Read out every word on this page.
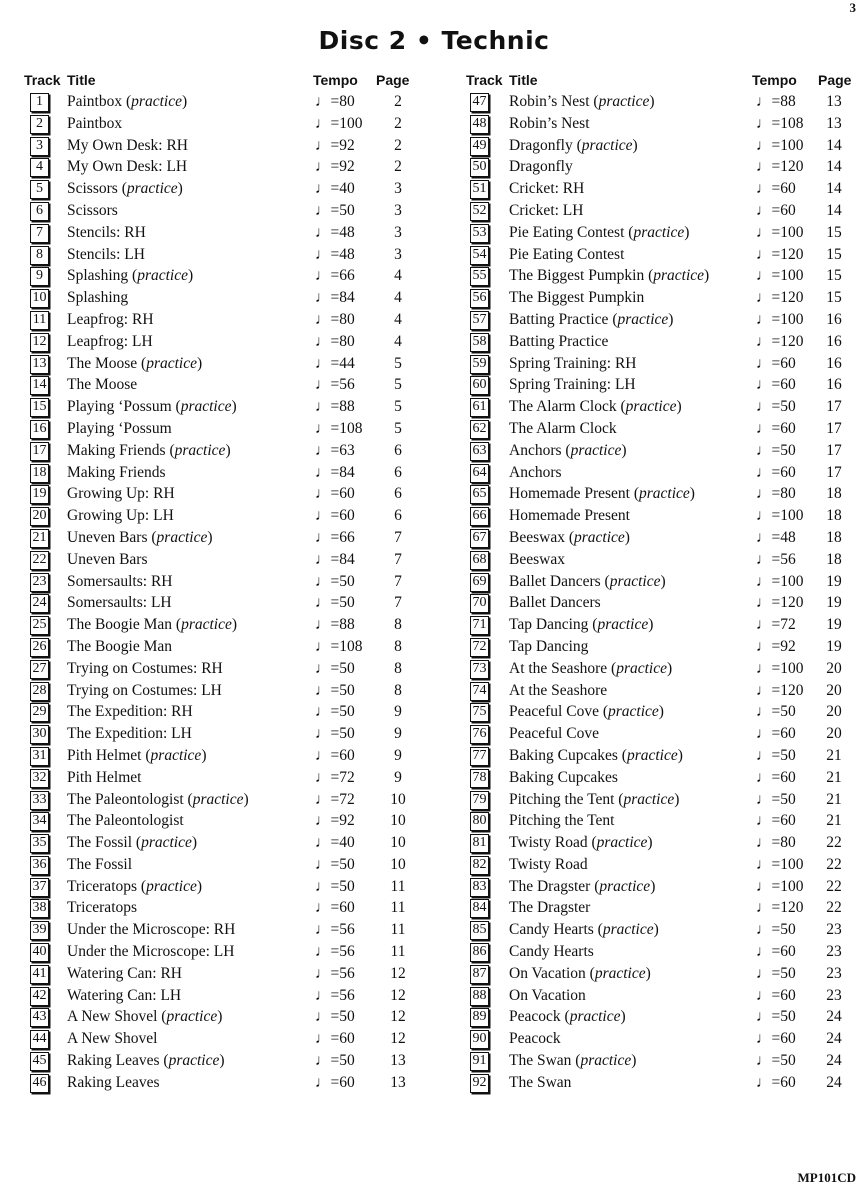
3
Disc 2 • Technic
Track Title	Tempo Page
1	Paintbox (practice)	♩=80	2
2	Paintbox	♩=100	2
3	My Own Desk: RH	♩=92	2
4	My Own Desk: LH	♩=92	2
5	Scissors (practice)	♩=40	3
6	Scissors	♩=50	3
7	Stencils: RH	♩=48	3
8	Stencils: LH	♩=48	3
9	Splashing (practice)	♩=66	4
10 Splashing	♩=84	4
11 Leapfrog: RH	♩=80	4
12 Leapfrog: LH	♩=80	4
13 The Moose (practice)	♩=44	5
14 The Moose	♩=56	5
15 Playing ‘Possum (practice)	♩=88	5
16 Playing ‘Possum	♩=108	5
17 Making Friends (practice)	♩=63	6
18 Making Friends	♩=84	6
19 Growing Up: RH	♩=60	6
20 Growing Up: LH	♩=60	6
21 Uneven Bars (practice)	♩=66	7
22 Uneven Bars	♩=84	7
23 Somersaults: RH	♩=50	7
24 Somersaults: LH	♩=50	7
25 The Boogie Man (practice)	♩=88	8
26 The Boogie Man	♩=108	8
27 Trying on Costumes: RH	♩=50	8
28 Trying on Costumes: LH	♩=50	8
29 The Expedition: RH	♩=50	9
30 The Expedition: LH	♩=50	9
31 Pith Helmet (practice)	♩=60	9
32 Pith Helmet	♩=72	9
33 The Paleontologist (practice)	♩=72	10
34 The Paleontologist	♩=92	10
35 The Fossil (practice)	♩=40	10
36 The Fossil	♩=50	10
37 Triceratops (practice)	♩=50	11
38 Triceratops	♩=60	11
39 Under the Microscope: RH	♩=56	11
40 Under the Microscope: LH	♩=56	11
41 Watering Can: RH	♩=56	12
42 Watering Can: LH	♩=56	12
43 A New Shovel (practice)	♩=50	12
44 A New Shovel	♩=60	12
45 Raking Leaves (practice)	♩=50	13
46 Raking Leaves	♩=60	13
Track Title	Tempo Page
47 Robin’s Nest (practice)	♩=88	13
48 Robin’s Nest	♩=108	13
49 Dragonfly (practice)	♩=100	14
50 Dragonfly	♩=120	14
51 Cricket: RH	♩=60	14
52 Cricket: LH	♩=60	14
53 Pie Eating Contest (practice)	♩=100	15
54 Pie Eating Contest	♩=120	15
55 The Biggest Pumpkin (practice)	♩=100	15
56 The Biggest Pumpkin	♩=120	15
57 Batting Practice (practice)	♩=100	16
58 Batting Practice	♩=120	16
59 Spring Training: RH	♩=60	16
60 Spring Training: LH	♩=60	16
61 The Alarm Clock (practice)	♩=50	17
62 The Alarm Clock	♩=60	17
63 Anchors (practice)	♩=50	17
64 Anchors	♩=60	17
65 Homemade Present (practice)	♩=80	18
66 Homemade Present	♩=100	18
67 Beeswax (practice)	♩=48	18
68 Beeswax	♩=56	18
69 Ballet Dancers (practice)	♩=100	19
70 Ballet Dancers	♩=120	19
71 Tap Dancing (practice)	♩=72	19
72 Tap Dancing	♩=92	19
73 At the Seashore (practice)	♩=100	20
74 At the Seashore	♩=120	20
75 Peaceful Cove (practice)	♩=50	20
76 Peaceful Cove	♩=60	20
77 Baking Cupcakes (practice)	♩=50	21
78 Baking Cupcakes	♩=60	21
79 Pitching the Tent (practice)	♩=50	21
80 Pitching the Tent	♩=60	21
81 Twisty Road (practice)	♩=80	22
82 Twisty Road	♩=100	22
83 The Dragster (practice)	♩=100	22
84 The Dragster	♩=120	22
85 Candy Hearts (practice)	♩=50	23
86 Candy Hearts	♩=60	23
87 On Vacation (practice)	♩=50	23
88 On Vacation	♩=60	23
89 Peacock (practice)	♩=50	24
90 Peacock	♩=60	24
91 The Swan (practice)	♩=50	24
92 The Swan	♩=60	24
MP101CD
